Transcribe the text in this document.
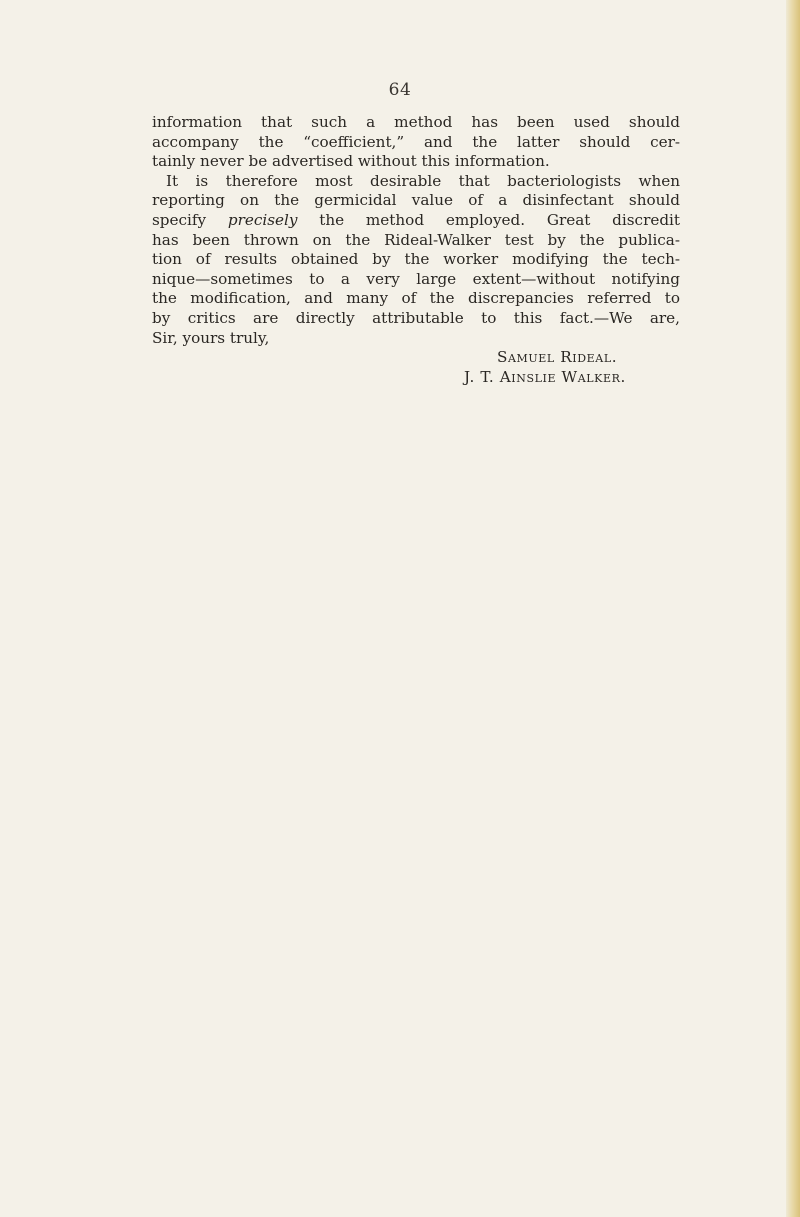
64
information that such a method has been used should
accompany the “coefficient,” and the latter should cer-
tainly never be advertised without this information.
It is therefore most desirable that bacteriologists when
reporting on the germicidal value of a disinfectant should
specify precisely the method employed. Great discredit
has been thrown on the Rideal-Walker test by the publica-
tion of results obtained by the worker modifying the tech-
nique—sometimes to a very large extent—without notifying
the modification, and many of the discrepancies referred to
by critics are directly attributable to this fact.—We are,
Sir, yours truly,
Samuel Rideal.
J. T. Ainslie Walker.
